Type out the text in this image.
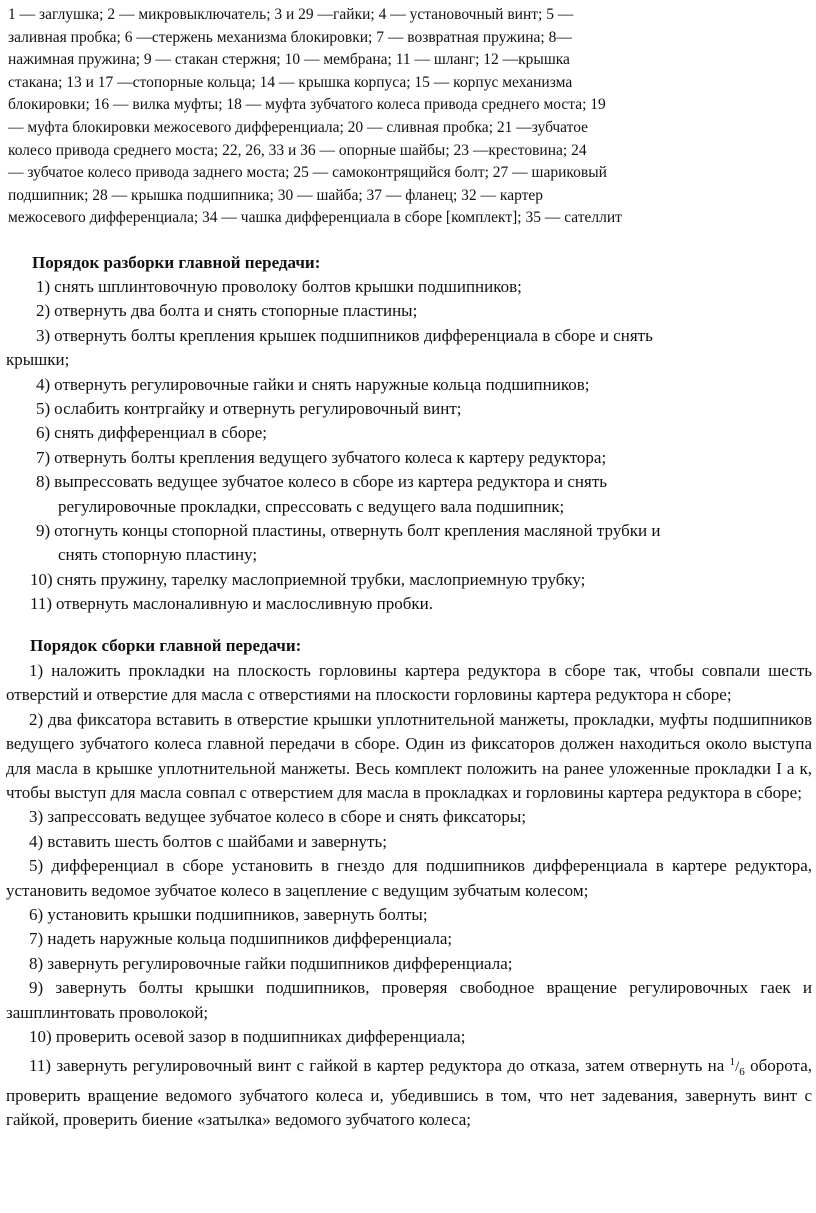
1 — заглушка; 2 — микровыключатель; 3 и 29 —гайки; 4 — установочный винт; 5 —
заливная пробка; 6 —стержень механизма блокировки; 7 — возвратная пружина; 8—
нажимная пружина; 9 — стакан стержня; 10 — мембрана; 11 — шланг; 12 —крышка
стакана; 13 и 17 —стопорные кольца; 14 — крышка корпуса; 15 — корпус механизма
блокировки; 16 — вилка муфты; 18 — муфта зубчатого колеса привода среднего моста; 19
— муфта блокировки межосевого дифференциала; 20 — сливная пробка; 21 —зубчатое
колесо привода среднего моста; 22, 26, 33 и 36 — опорные шайбы; 23 —крестовина; 24
— зубчатое колесо привода заднего моста; 25 — самоконтрящийся болт; 27 — шариковый
подшипник; 28 — крышка подшипника; 30 — шайба; 37 — фланец; 32 — картер
межосевого дифференциала; 34 — чашка дифференциала в сборе [комплект]; 35 — сателлит
Порядок разборки главной передачи:
1) снять шплинтовочную проволоку болтов крышки подшипников;
2) отвернуть два болта и снять стопорные пластины;
3) отвернуть болты крепления крышек подшипников дифференциала в сборе и снять
крышки;
4) отвернуть регулировочные гайки и снять наружные кольца подшипников;
5) ослабить контргайку и отвернуть регулировочный винт;
6) снять дифференциал в сборе;
7) отвернуть болты крепления ведущего зубчатого колеса к картеру редуктора;
8) выпрессовать ведущее зубчатое колесо в сборе из картера редуктора и снять
регулировочные прокладки, спрессовать с ведущего вала подшипник;
9) отогнуть концы стопорной пластины, отвернуть болт крепления масляной трубки и
снять стопорную пластину;
10) снять пружину, тарелку маслоприемной трубки, маслоприемную трубку;
11) отвернуть маслоналивную и маслосливную пробки.
Порядок сборки главной передачи:

1) наложить прокладки на плоскость горловины картера редуктора в сборе так, чтобы совпали шесть отверстий и отверстие для масла с отверстиями на плоскости горловины картера редуктора н сборе;

2) два фиксатора вставить в отверстие крышки уплотнительной манжеты, прокладки, муфты подшипников ведущего зубчатого колеса главной передачи в сборе. Один из фиксаторов должен находиться около выступа для масла в крышке уплотнительной манжеты. Весь комплект положить на ранее уложенные прокладки I а к, чтобы выступ для масла совпал с отверстием для масла в прокладках и горловины картера редуктора в сборе;

3) запрессовать ведущее зубчатое колесо в сборе и снять фиксаторы;

4) вставить шесть болтов с шайбами и завернуть;

5) дифференциал в сборе установить в гнездо для подшипников дифференциала в картере редуктора, установить ведомое зубчатое колесо в зацепление с ведущим зубчатым колесом;

6) установить крышки подшипников, завернуть болты;

7) надеть наружные кольца подшипников дифференциала;

8) завернуть регулировочные гайки подшипников дифференциала;

9) завернуть болты крышки подшипников, проверяя свободное вращение регулировочных гаек и зашплинтовать проволокой;

10) проверить осевой зазор в подшипниках дифференциала;

11) завернуть регулировочный винт с гайкой в картер редуктора до отказа, затем отвернуть на $^1/_6$ оборота, проверить вращение ведомого зубчатого колеса и, убедившись в том, что нет задевания, завернуть винт с гайкой, проверить биение «затылка» ведомого зубчатого колеса;
